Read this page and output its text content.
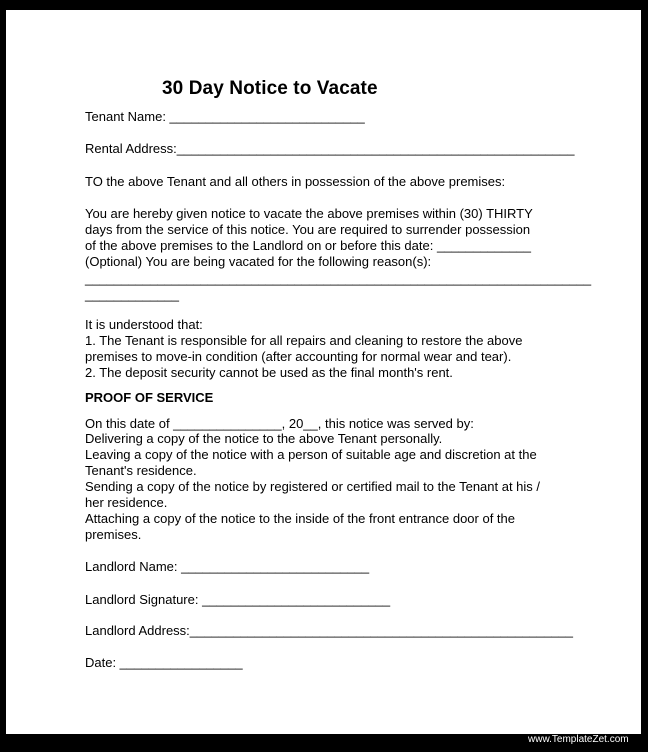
30 Day Notice to Vacate
Tenant Name: ___________________________
Rental Address:_______________________________________________________
TO the above Tenant and all others in possession of the above premises:
You are hereby given notice to vacate the above premises within (30) THIRTY
days from the service of this notice. You are required to surrender possession
of the above premises to the Landlord on or before this date: _____________
(Optional) You are being vacated for the following reason(s):
______________________________________________________________________
_____________
It is understood that:
1. The Tenant is responsible for all repairs and cleaning to restore the above
premises to move-in condition (after accounting for normal wear and tear).
2. The deposit security cannot be used as the final month's rent.
PROOF OF SERVICE
On this date of _______________, 20__, this notice was served by:
Delivering a copy of the notice to the above Tenant personally.
Leaving a copy of the notice with a person of suitable age and discretion at the
Tenant's residence.
Sending a copy of the notice by registered or certified mail to the Tenant at his /
her residence.
Attaching a copy of the notice to the inside of the front entrance door of the
premises.
Landlord Name: __________________________
Landlord Signature: __________________________
Landlord Address:_____________________________________________________
Date: _________________
www.TemplateZet.com
